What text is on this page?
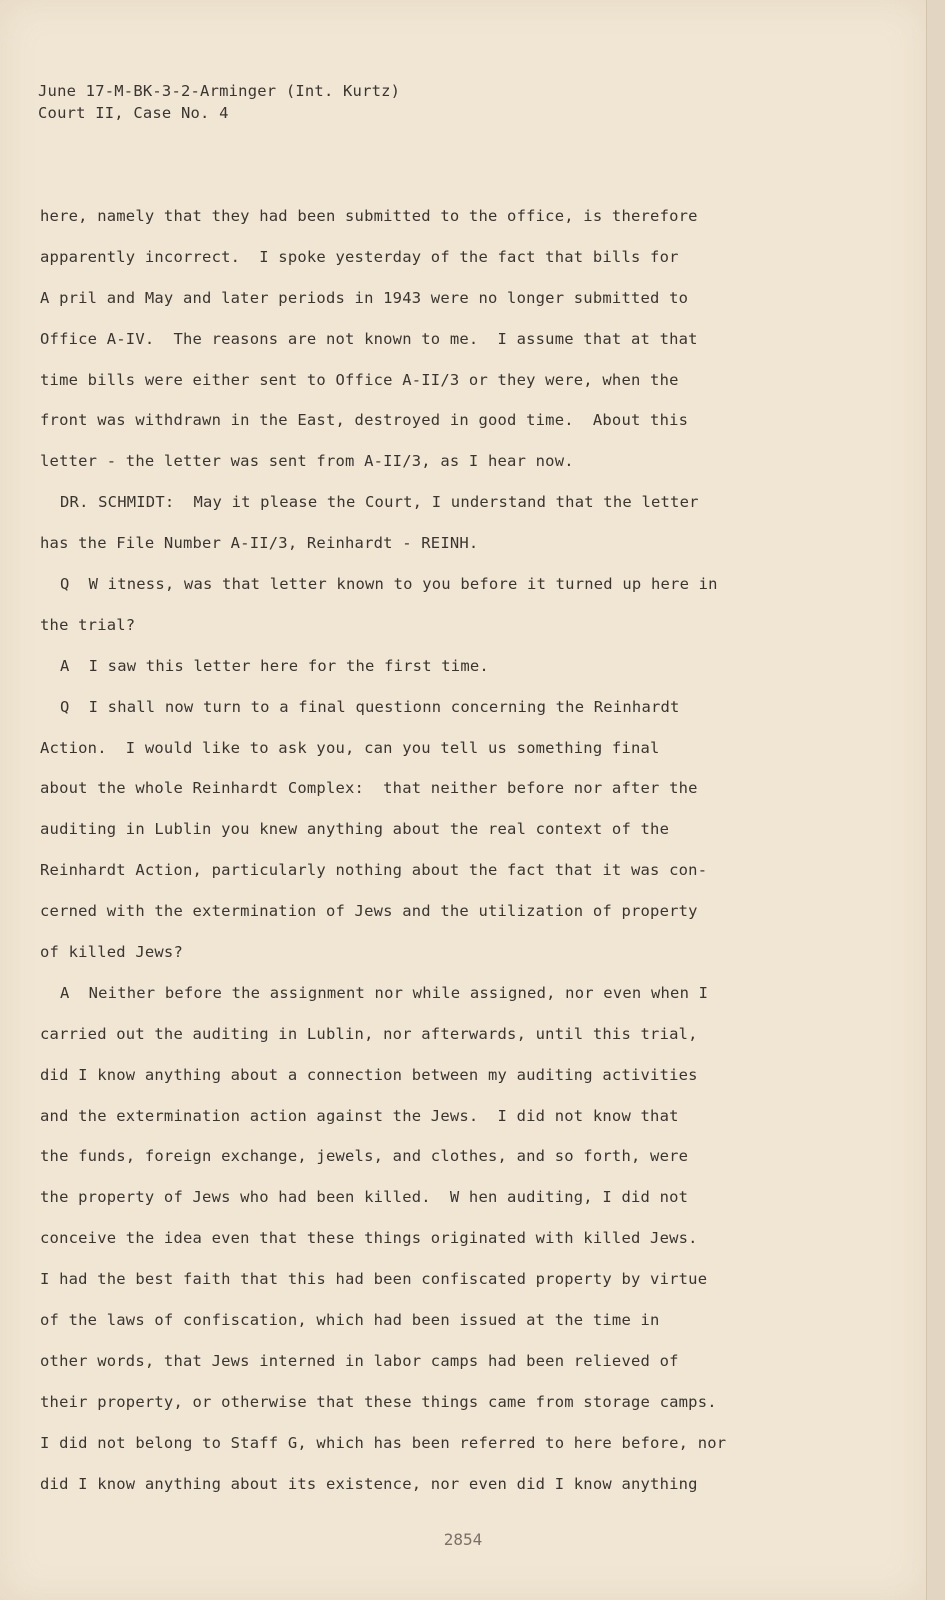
June 17-M-BK-3-2-Arminger (Int. Kurtz)
Court II, Case No. 4
here, namely that they had been submitted to the office, is therefore
apparently incorrect.  I spoke yesterday of the fact that bills for
A pril and May and later periods in 1943 were no longer submitted to
Office A-IV.  The reasons are not known to me.  I assume that at that
time bills were either sent to Office A-II/3 or they were, when the
front was withdrawn in the East, destroyed in good time.  About this
letter - the letter was sent from A-II/3, as I hear now.
DR. SCHMIDT:  May it please the Court, I understand that the letter
has the File Number A-II/3, Reinhardt - REINH.
Q  W itness, was that letter known to you before it turned up here in
the trial?
A  I saw this letter here for the first time.
Q  I shall now turn to a final questionn concerning the Reinhardt
Action.  I would like to ask you, can you tell us something final
about the whole Reinhardt Complex:  that neither before nor after the
auditing in Lublin you knew anything about the real context of the
Reinhardt Action, particularly nothing about the fact that it was con-
cerned with the extermination of Jews and the utilization of property
of killed Jews?
A  Neither before the assignment nor while assigned, nor even when I
carried out the auditing in Lublin, nor afterwards, until this trial,
did I know anything about a connection between my auditing activities
and the extermination action against the Jews.  I did not know that
the funds, foreign exchange, jewels, and clothes, and so forth, were
the property of Jews who had been killed.  W hen auditing, I did not
conceive the idea even that these things originated with killed Jews.
I had the best faith that this had been confiscated property by virtue
of the laws of confiscation, which had been issued at the time in
other words, that Jews interned in labor camps had been relieved of
their property, or otherwise that these things came from storage camps.
I did not belong to Staff G, which has been referred to here before, nor
did I know anything about its existence, nor even did I know anything
2854
